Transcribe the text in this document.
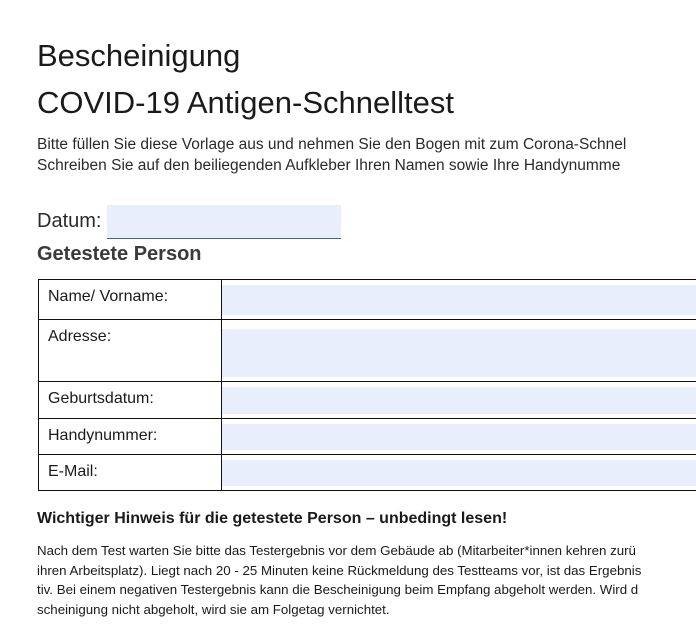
Bescheinigung
COVID-19 Antigen-Schnelltest
Bitte füllen Sie diese Vorlage aus und nehmen Sie den Bogen mit zum Corona-Schnel
Schreiben Sie auf den beiliegenden Aufkleber Ihren Namen sowie Ihre Handynumme
Datum:
Getestete Person
Name/ Vorname:	

Adresse:	

Geburtsdatum:	

Handynummer:	

E-Mail:	
Wichtiger Hinweis für die getestete Person – unbedingt lesen!
Nach dem Test warten Sie bitte das Testergebnis vor dem Gebäude ab (Mitarbeiter*innen kehren zurü
ihren Arbeitsplatz). Liegt nach 20 - 25 Minuten keine Rückmeldung des Testteams vor, ist das Ergebnis
tiv. Bei einem negativen Testergebnis kann die Bescheinigung beim Empfang abgeholt werden. Wird d
scheinigung nicht abgeholt, wird sie am Folgetag vernichtet.
